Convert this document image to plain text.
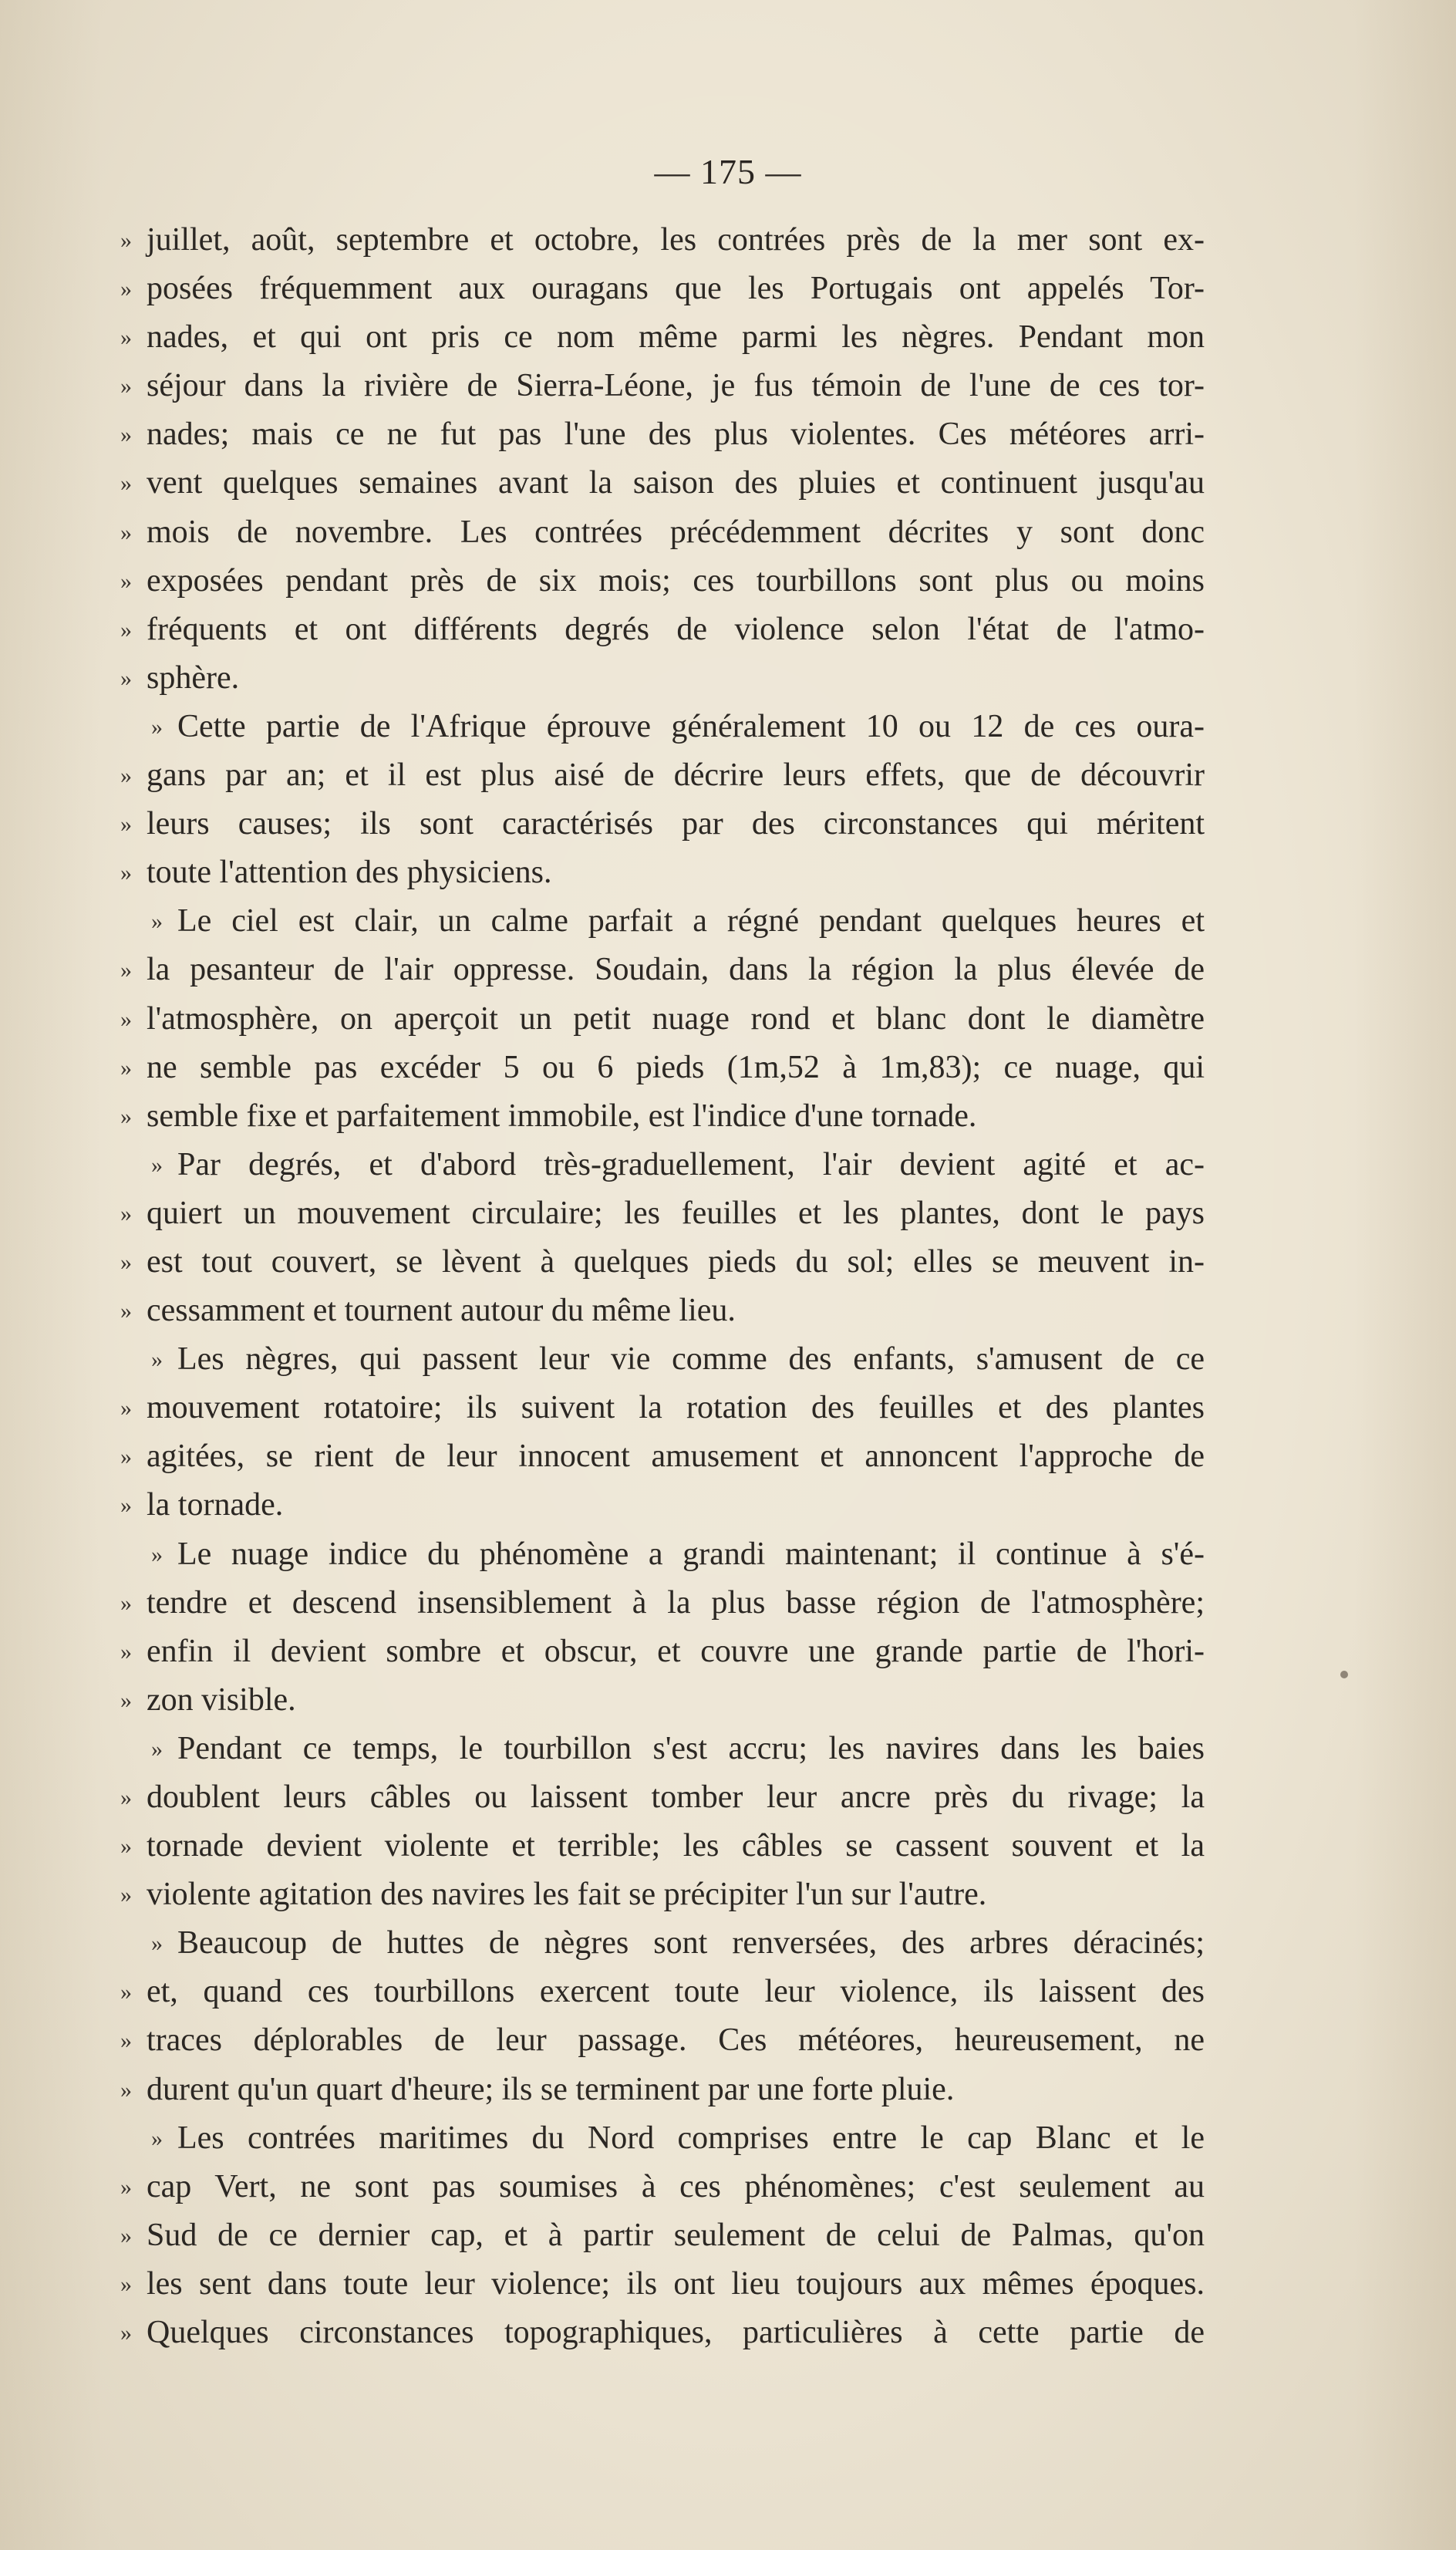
— 175 —
» juillet, août, septembre et octobre, les contrées près de la mer sont ex-
» posées fréquemment aux ouragans que les Portugais ont appelés Tor-
» nades, et qui ont pris ce nom même parmi les nègres. Pendant mon
» séjour dans la rivière de Sierra-Léone, je fus témoin de l'une de ces tor-
» nades; mais ce ne fut pas l'une des plus violentes. Ces météores arri-
» vent quelques semaines avant la saison des pluies et continuent jusqu'au
» mois de novembre. Les contrées précédemment décrites y sont donc
» exposées pendant près de six mois; ces tourbillons sont plus ou moins
» fréquents et ont différents degrés de violence selon l'état de l'atmo-
» sphère.
» Cette partie de l'Afrique éprouve généralement 10 ou 12 de ces oura-
» gans par an; et il est plus aisé de décrire leurs effets, que de découvrir
» leurs causes; ils sont caractérisés par des circonstances qui méritent
» toute l'attention des physiciens.
» Le ciel est clair, un calme parfait a régné pendant quelques heures et
» la pesanteur de l'air oppresse. Soudain, dans la région la plus élevée de
» l'atmosphère, on aperçoit un petit nuage rond et blanc dont le diamètre
» ne semble pas excéder 5 ou 6 pieds (1m,52 à 1m,83); ce nuage, qui
» semble fixe et parfaitement immobile, est l'indice d'une tornade.
» Par degrés, et d'abord très-graduellement, l'air devient agité et ac-
» quiert un mouvement circulaire; les feuilles et les plantes, dont le pays
» est tout couvert, se lèvent à quelques pieds du sol; elles se meuvent in-
» cessamment et tournent autour du même lieu.
» Les nègres, qui passent leur vie comme des enfants, s'amusent de ce
» mouvement rotatoire; ils suivent la rotation des feuilles et des plantes
» agitées, se rient de leur innocent amusement et annoncent l'approche de
» la tornade.
» Le nuage indice du phénomène a grandi maintenant; il continue à s'é-
» tendre et descend insensiblement à la plus basse région de l'atmosphère;
» enfin il devient sombre et obscur, et couvre une grande partie de l'hori-
» zon visible.
» Pendant ce temps, le tourbillon s'est accru; les navires dans les baies
» doublent leurs câbles ou laissent tomber leur ancre près du rivage; la
» tornade devient violente et terrible; les câbles se cassent souvent et la
» violente agitation des navires les fait se précipiter l'un sur l'autre.
» Beaucoup de huttes de nègres sont renversées, des arbres déracinés;
» et, quand ces tourbillons exercent toute leur violence, ils laissent des
» traces déplorables de leur passage. Ces météores, heureusement, ne
» durent qu'un quart d'heure; ils se terminent par une forte pluie.
» Les contrées maritimes du Nord comprises entre le cap Blanc et le
» cap Vert, ne sont pas soumises à ces phénomènes; c'est seulement au
» Sud de ce dernier cap, et à partir seulement de celui de Palmas, qu'on
» les sent dans toute leur violence; ils ont lieu toujours aux mêmes époques.
» Quelques circonstances topographiques, particulières à cette partie de
